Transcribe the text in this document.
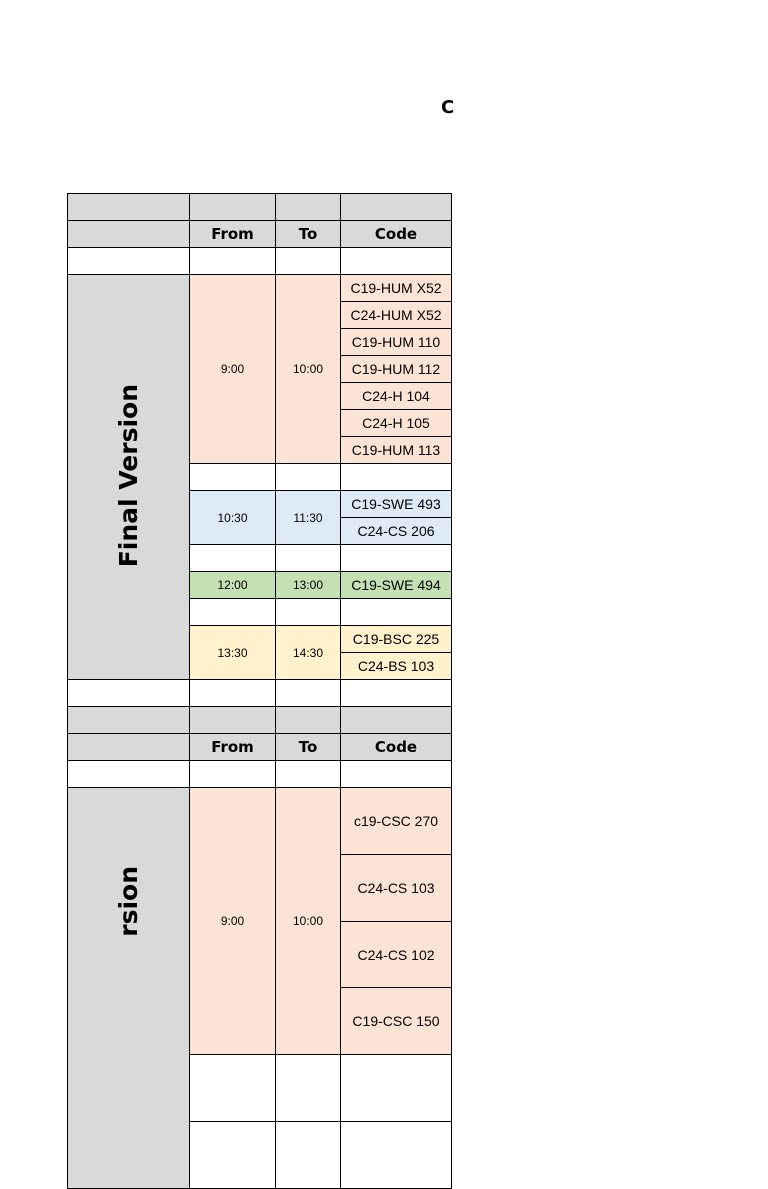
C

	From	To	Code

Final Version	9:00	10:00	C19-HUM X52
			C24-HUM X52
			C19-HUM 110
			C19-HUM 112
			C24-H 104
			C24-H 105
			C19-HUM 113

	10:30	11:30	C19-SWE 493
			C24-CS 206

	12:00	13:00	C19-SWE 494

	13:30	14:30	C19-BSC 225
			C24-BS 103

	From	To	Code

rsion	9:00	10:00	c19-CSC 270
			C24-CS 103
			C24-CS 102
			C19-CSC 150
